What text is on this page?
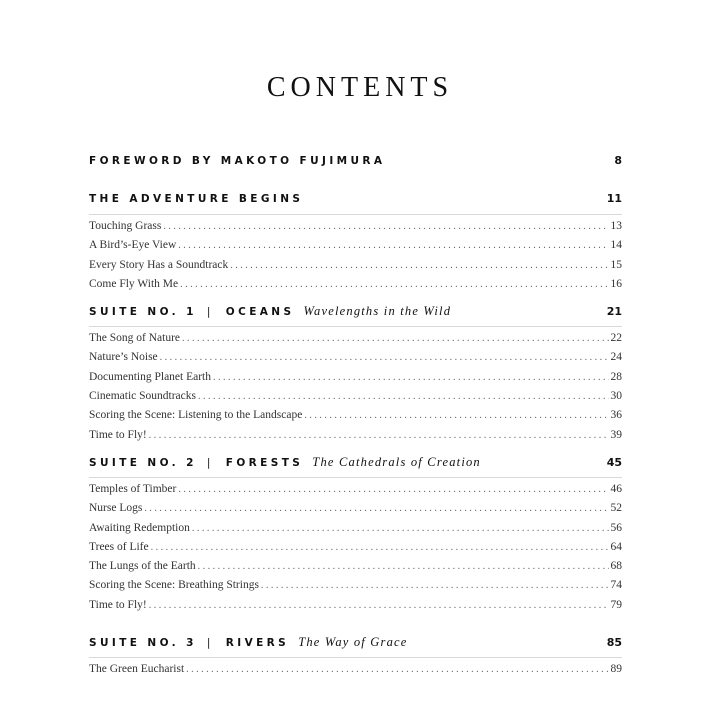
CONTENTS
FOREWORD BY MAKOTO FUJIMURA	8
THE ADVENTURE BEGINS	11
Touching Grass . . .	13
A Bird’s-Eye View . . .	14
Every Story Has a Soundtrack . . .	15
Come Fly With Me . . .	16
SUITE NO. 1 | OCEANS Wavelengths in the Wild	21
The Song of Nature . . .	22
Nature’s Noise . . .	24
Documenting Planet Earth . . .	28
Cinematic Soundtracks . . .	30
Scoring the Scene: Listening to the Landscape . . .	36
Time to Fly! . . .	39
SUITE NO. 2 | FORESTS The Cathedrals of Creation	45
Temples of Timber . . .	46
Nurse Logs . . .	52
Awaiting Redemption . . .	56
Trees of Life . . .	64
The Lungs of the Earth . . .	68
Scoring the Scene: Breathing Strings . . .	74
Time to Fly! . . .	79
SUITE NO. 3 | RIVERS The Way of Grace	85
The Green Eucharist . . .	89
